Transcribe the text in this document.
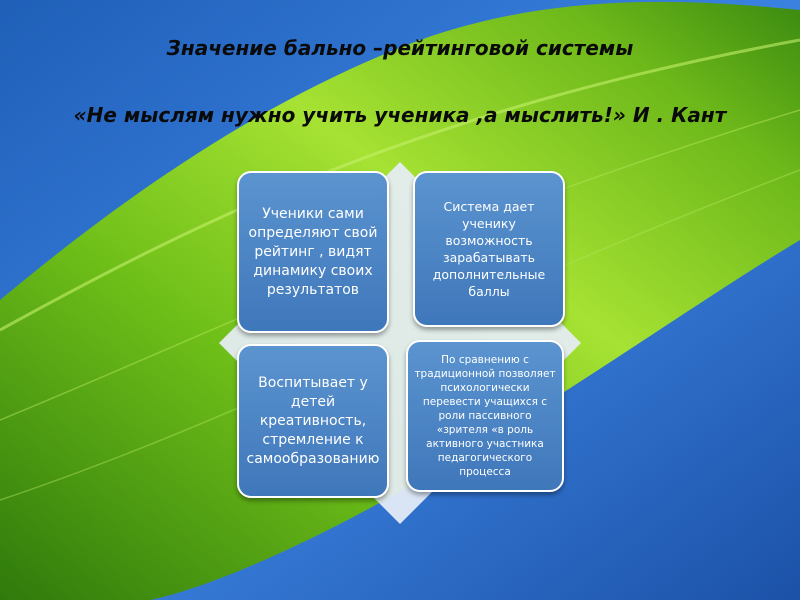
Значение бально –рейтинговой системы
«Не мыслям нужно учить ученика ,а мыслить!» И . Кант
Ученики сами определяют свой рейтинг , видят динамику своих результатов
Система дает ученику возможность зарабатывать дополнительные баллы
Воспитывает у детей креативность, стремление к самообразованию
По сравнению с традиционной позволяет психологически перевести учащихся с роли пассивного «зрителя «в роль активного участника педагогического процесса
